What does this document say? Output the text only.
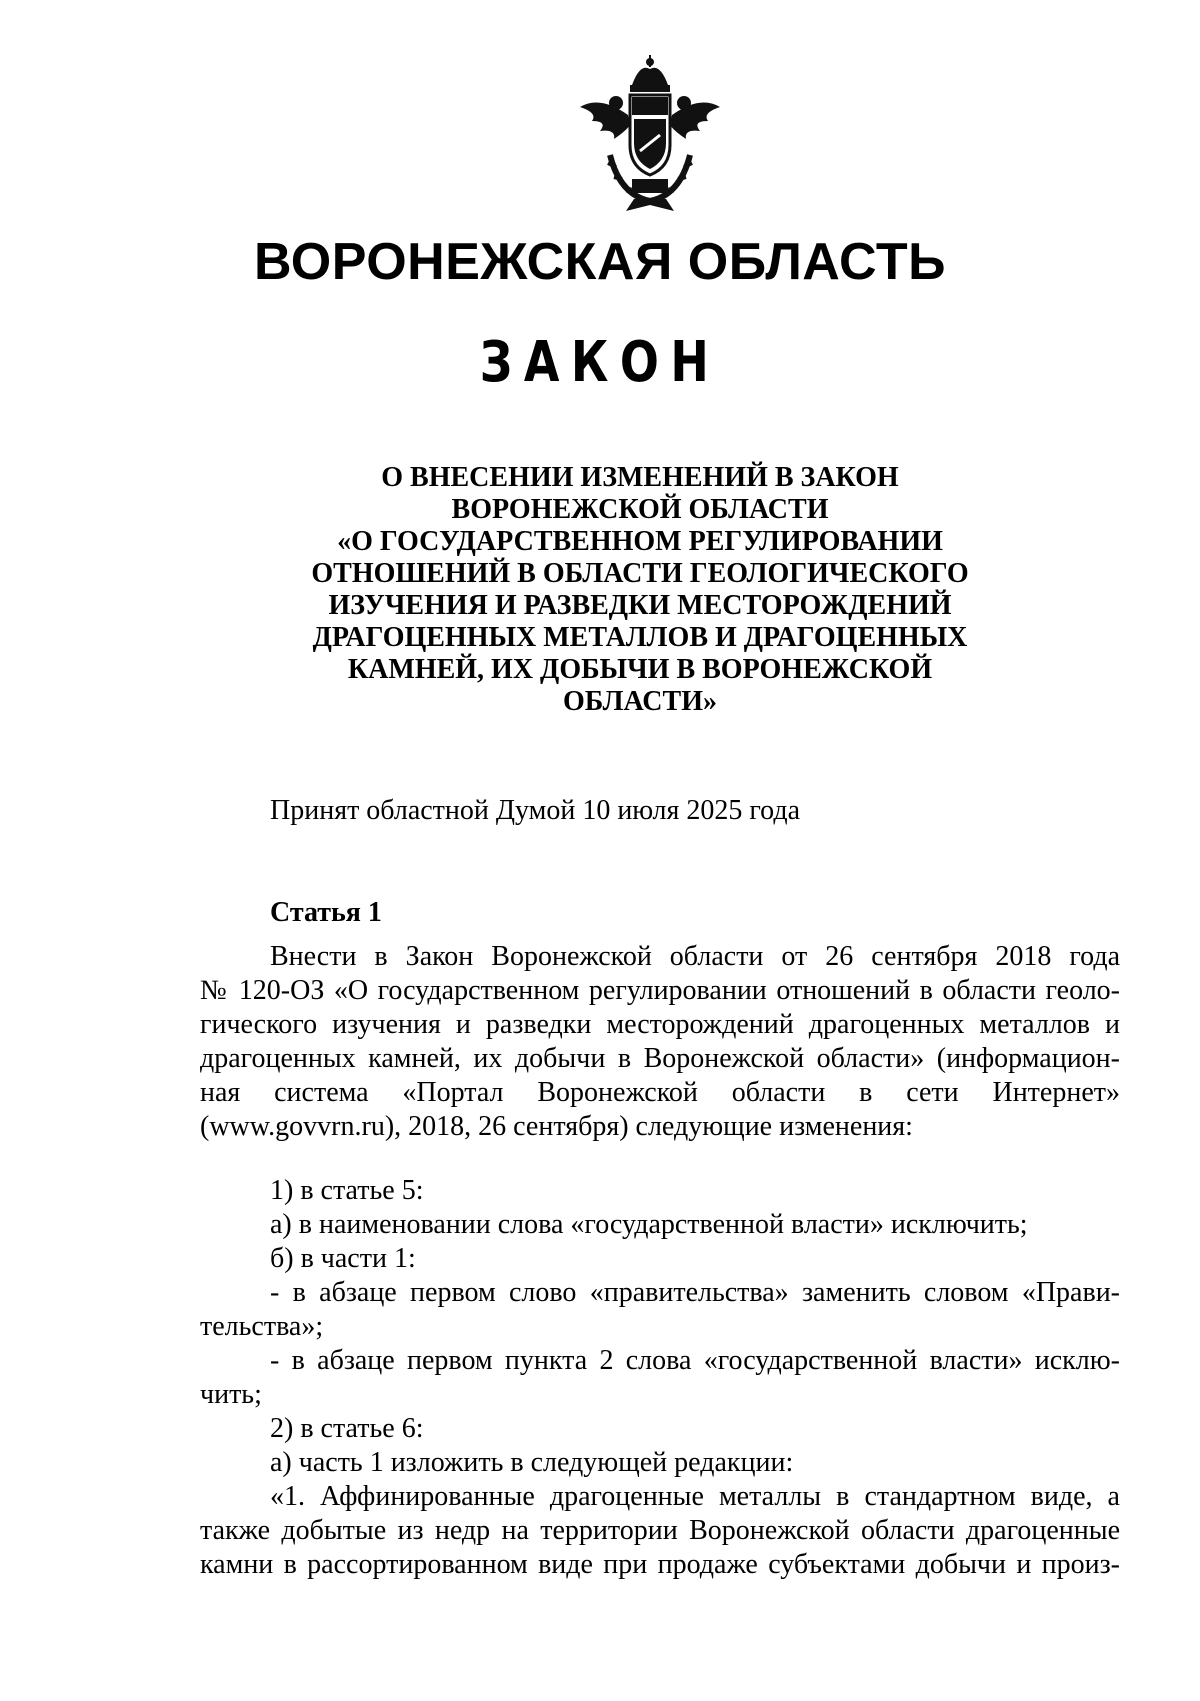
ВОРОНЕЖСКАЯ ОБЛАСТЬ
ЗАКОН
О ВНЕСЕНИИ ИЗМЕНЕНИЙ В ЗАКОН
ВОРОНЕЖСКОЙ ОБЛАСТИ
«О ГОСУДАРСТВЕННОМ РЕГУЛИРОВАНИИ
ОТНОШЕНИЙ В ОБЛАСТИ ГЕОЛОГИЧЕСКОГО
ИЗУЧЕНИЯ И РАЗВЕДКИ МЕСТОРОЖДЕНИЙ
ДРАГОЦЕННЫХ МЕТАЛЛОВ И ДРАГОЦЕННЫХ
КАМНЕЙ, ИХ ДОБЫЧИ В ВОРОНЕЖСКОЙ
ОБЛАСТИ»
Принят областной Думой 10 июля 2025 года
Статья 1
Внести в Закон Воронежской области от 26 сентября 2018 года
№ 120-ОЗ «О государственном регулировании отношений в области геоло-
гического изучения и разведки месторождений драгоценных металлов и
драгоценных камней, их добычи в Воронежской области» (информацион-
ная система «Портал Воронежской области в сети Интернет»
(www.govvrn.ru), 2018, 26 сентября) следующие изменения:
1) в статье 5:
а) в наименовании слова «государственной власти» исключить;
б) в части 1:
- в абзаце первом слово «правительства» заменить словом «Прави-
тельства»;
- в абзаце первом пункта 2 слова «государственной власти» исклю-
чить;
2) в статье 6:
а) часть 1 изложить в следующей редакции:
«1. Аффинированные драгоценные металлы в стандартном виде, а
также добытые из недр на территории Воронежской области драгоценные
камни в рассортированном виде при продаже субъектами добычи и произ-
